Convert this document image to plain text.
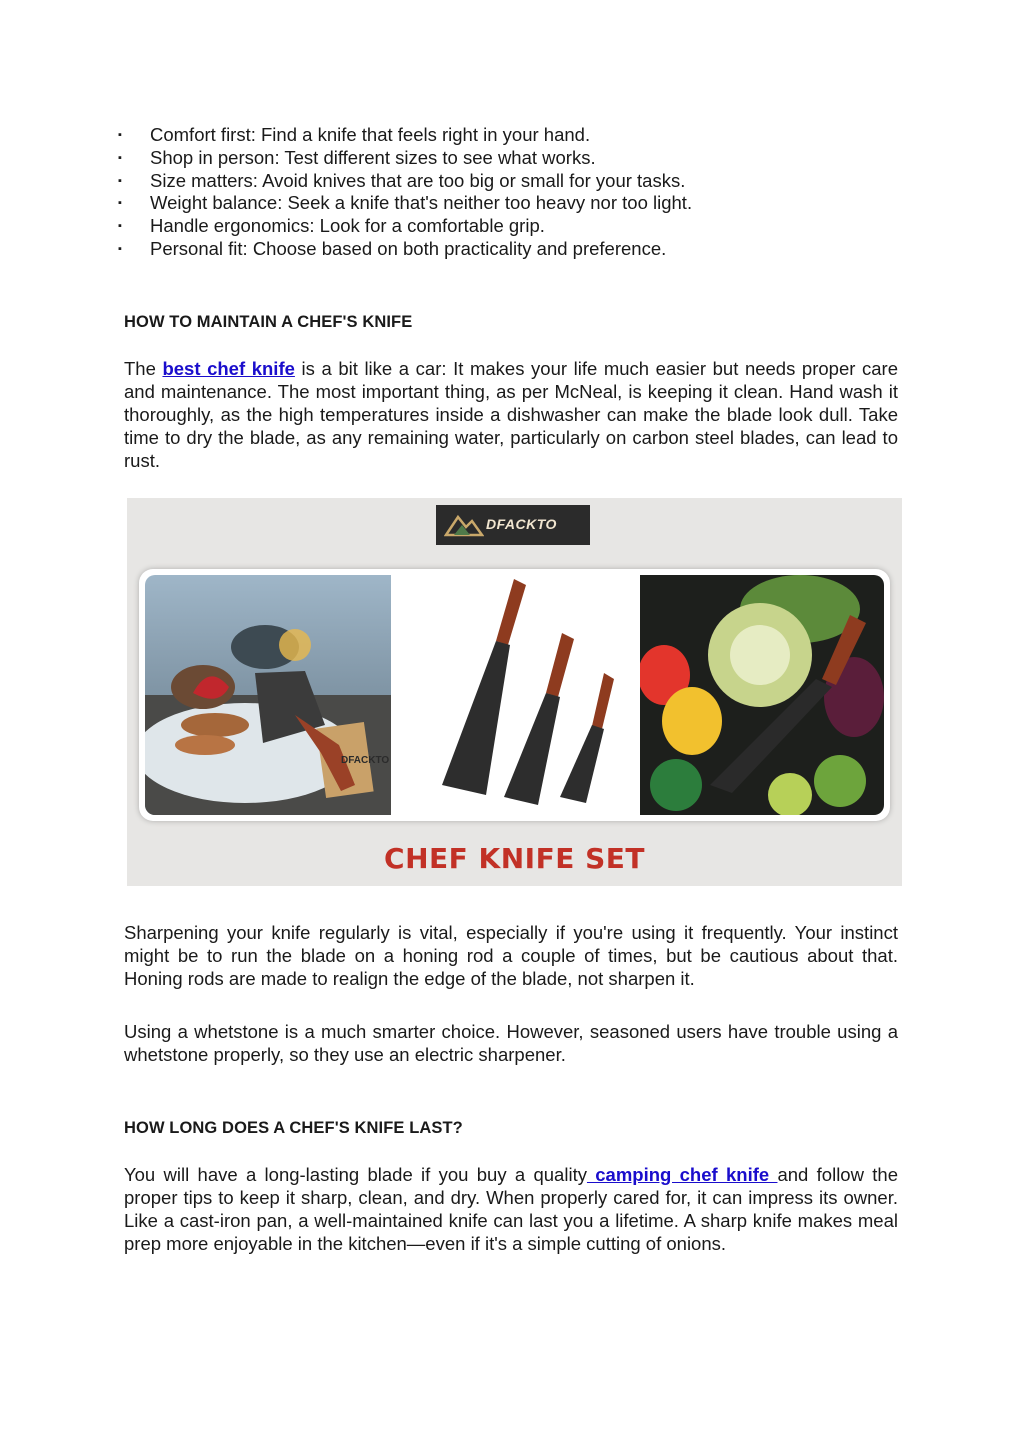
▪ Comfort first: Find a knife that feels right in your hand.
▪ Shop in person: Test different sizes to see what works.
▪ Size matters: Avoid knives that are too big or small for your tasks.
▪ Weight balance: Seek a knife that's neither too heavy nor too light.
▪ Handle ergonomics: Look for a comfortable grip.
▪ Personal fit: Choose based on both practicality and preference.
HOW TO MAINTAIN A CHEF'S KNIFE

The best chef knife is a bit like a car: It makes your life much easier but needs proper care and maintenance. The most important thing, as per McNeal, is keeping it clean. Hand wash it thoroughly, as the high temperatures inside a dishwasher can make the blade look dull. Take time to dry the blade, as any remaining water, particularly on carbon steel blades, can lead to rust.

DFACKTO
DFACKTO
CHEF KNIFE SET

Sharpening your knife regularly is vital, especially if you're using it frequently. Your instinct might be to run the blade on a honing rod a couple of times, but be cautious about that. Honing rods are made to realign the edge of the blade, not sharpen it.

Using a whetstone is a much smarter choice. However, seasoned users have trouble using a whetstone properly, so they use an electric sharpener.

HOW LONG DOES A CHEF'S KNIFE LAST?

You will have a long-lasting blade if you buy a quality camping chef knife and follow the proper tips to keep it sharp, clean, and dry. When properly cared for, it can impress its owner. Like a cast-iron pan, a well-maintained knife can last you a lifetime. A sharp knife makes meal prep more enjoyable in the kitchen—even if it's a simple cutting of onions.
